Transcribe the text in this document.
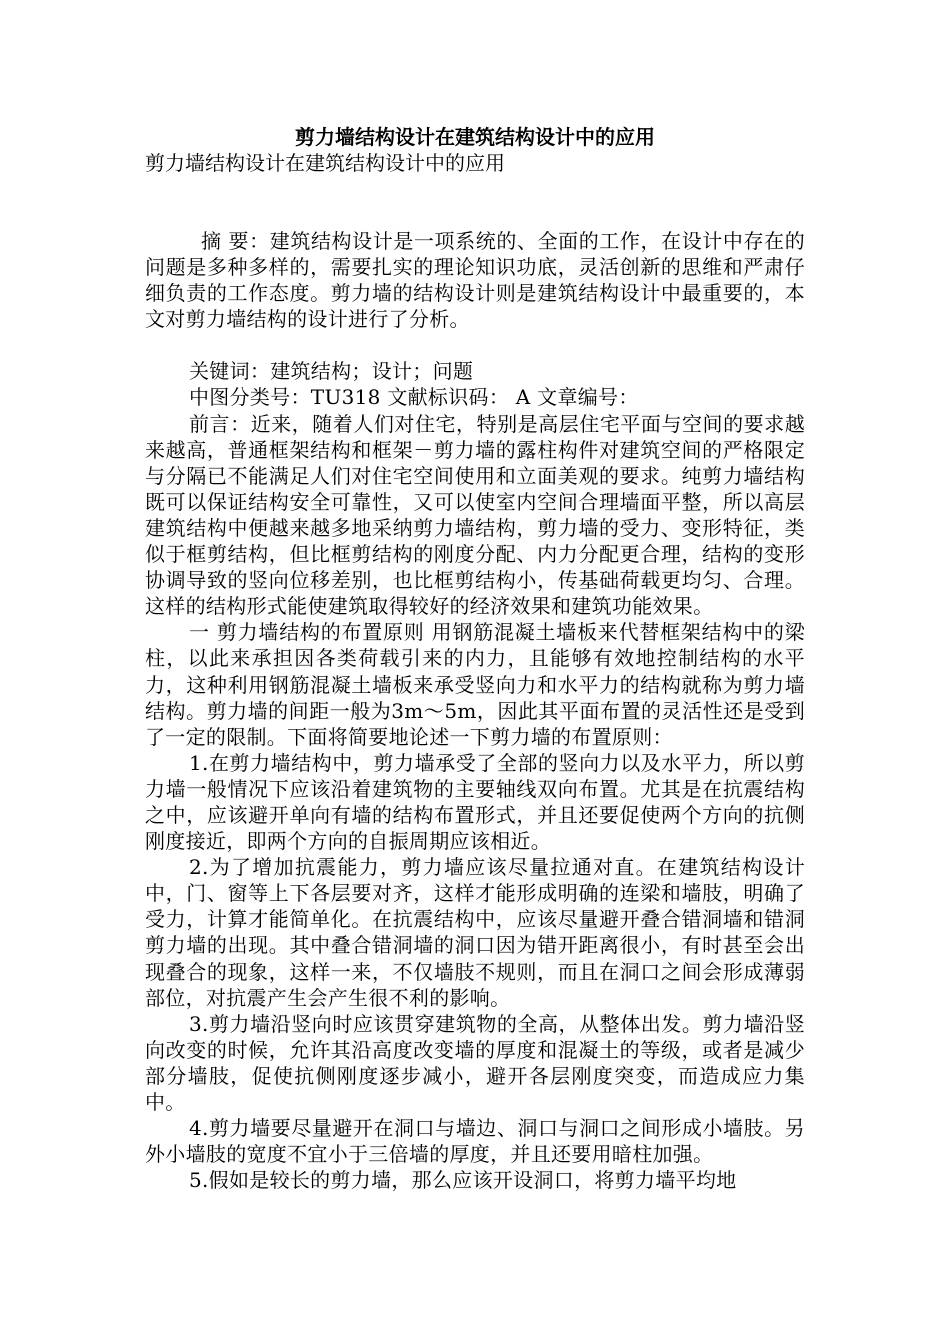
剪力墙结构设计在建筑结构设计中的应用
剪力墙结构设计在建筑结构设计中的应用

摘 要：建筑结构设计是一项系统的、全面的工作，在设计中存在的问题是多种多样的，需要扎实的理论知识功底，灵活创新的思维和严肃仔细负责的工作态度。剪力墙的结构设计则是建筑结构设计中最重要的，本文对剪力墙结构的设计进行了分析。

关键词：建筑结构；设计；问题

中图分类号：TU318 文献标识码： A 文章编号：

前言：近来，随着人们对住宅，特别是高层住宅平面与空间的要求越来越高，普通框架结构和框架－剪力墙的露柱构件对建筑空间的严格限定与分隔已不能满足人们对住宅空间使用和立面美观的要求。纯剪力墙结构既可以保证结构安全可靠性，又可以使室内空间合理墙面平整，所以高层建筑结构中便越来越多地采纳剪力墙结构，剪力墙的受力、变形特征，类似于框剪结构，但比框剪结构的刚度分配、内力分配更合理，结构的变形协调导致的竖向位移差别，也比框剪结构小，传基础荷载更均匀、合理。这样的结构形式能使建筑取得较好的经济效果和建筑功能效果。

一 剪力墙结构的布置原则 用钢筋混凝土墙板来代替框架结构中的梁柱，以此来承担因各类荷载引来的内力，且能够有效地控制结构的水平力，这种利用钢筋混凝土墙板来承受竖向力和水平力的结构就称为剪力墙结构。剪力墙的间距一般为3m～5m，因此其平面布置的灵活性还是受到了一定的限制。下面将简要地论述一下剪力墙的布置原则：

1.在剪力墙结构中，剪力墙承受了全部的竖向力以及水平力，所以剪力墙一般情况下应该沿着建筑物的主要轴线双向布置。尤其是在抗震结构之中，应该避开单向有墙的结构布置形式，并且还要促使两个方向的抗侧刚度接近，即两个方向的自振周期应该相近。

2.为了增加抗震能力，剪力墙应该尽量拉通对直。在建筑结构设计中，门、窗等上下各层要对齐，这样才能形成明确的连梁和墙肢，明确了受力，计算才能简单化。在抗震结构中，应该尽量避开叠合错洞墙和错洞剪力墙的出现。其中叠合错洞墙的洞口因为错开距离很小，有时甚至会出现叠合的现象，这样一来，不仅墙肢不规则，而且在洞口之间会形成薄弱部位，对抗震产生会产生很不利的影响。

3.剪力墙沿竖向时应该贯穿建筑物的全高，从整体出发。剪力墙沿竖向改变的时候，允许其沿高度改变墙的厚度和混凝土的等级，或者是减少部分墙肢，促使抗侧刚度逐步减小，避开各层刚度突变，而造成应力集中。

4.剪力墙要尽量避开在洞口与墙边、洞口与洞口之间形成小墙肢。另外小墙肢的宽度不宜小于三倍墙的厚度，并且还要用暗柱加强。

5.假如是较长的剪力墙，那么应该开设洞口，将剪力墙平均地
